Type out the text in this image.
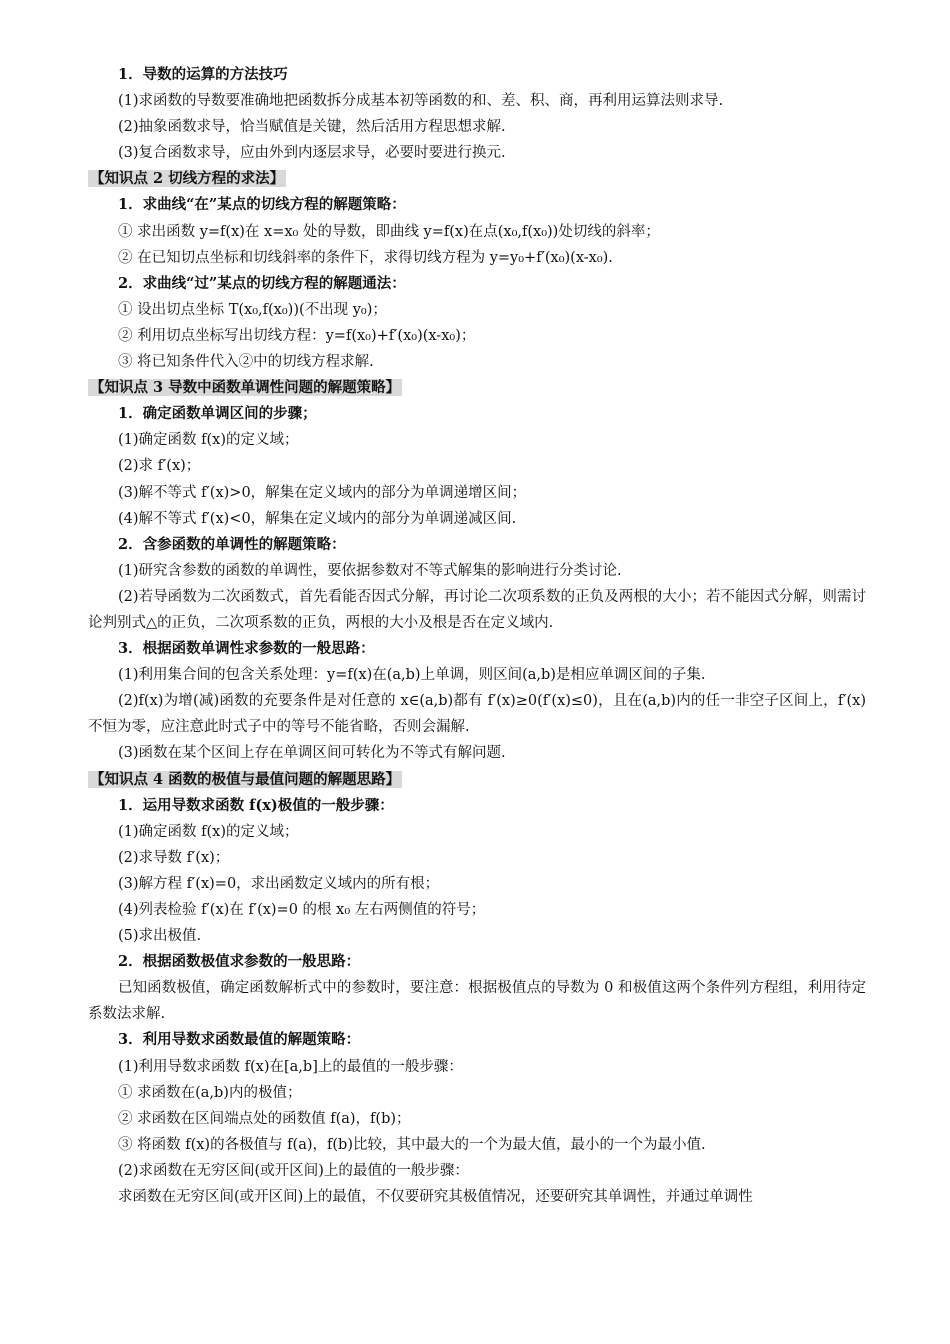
1．导数的运算的方法技巧
(1)求函数的导数要准确地把函数拆分成基本初等函数的和、差、积、商，再利用运算法则求导.
(2)抽象函数求导，恰当赋值是关键，然后活用方程思想求解.
(3)复合函数求导，应由外到内逐层求导，必要时要进行换元.
【知识点 2 切线方程的求法】
1．求曲线“在”某点的切线方程的解题策略：
① 求出函数 y=f(x)在 x=x₀ 处的导数，即曲线 y=f(x)在点(x₀,f(x₀))处切线的斜率；
② 在已知切点坐标和切线斜率的条件下，求得切线方程为 y=y₀+f′(x₀)(x-x₀).
2．求曲线“过”某点的切线方程的解题通法：
① 设出切点坐标 T(x₀,f(x₀))(不出现 y₀)；
② 利用切点坐标写出切线方程：y=f(x₀)+f′(x₀)(x-x₀)；
③ 将已知条件代入②中的切线方程求解.
【知识点 3 导数中函数单调性问题的解题策略】
1．确定函数单调区间的步骤；
(1)确定函数 f(x)的定义域；
(2)求 f′(x)；
(3)解不等式 f′(x)>0，解集在定义域内的部分为单调递增区间；
(4)解不等式 f′(x)<0，解集在定义域内的部分为单调递减区间.
2．含参函数的单调性的解题策略：
(1)研究含参数的函数的单调性，要依据参数对不等式解集的影响进行分类讨论.
(2)若导函数为二次函数式，首先看能否因式分解，再讨论二次项系数的正负及两根的大小；若不能因式分解，则需讨论判别式△的正负，二次项系数的正负，两根的大小及根是否在定义域内.
3．根据函数单调性求参数的一般思路：
(1)利用集合间的包含关系处理：y=f(x)在(a,b)上单调，则区间(a,b)是相应单调区间的子集.
(2)f(x)为增(减)函数的充要条件是对任意的 x∈(a,b)都有 f′(x)≥0(f′(x)≤0)，且在(a,b)内的任一非空子区间上，f′(x)不恒为零，应注意此时式子中的等号不能省略，否则会漏解.
(3)函数在某个区间上存在单调区间可转化为不等式有解问题.
【知识点 4 函数的极值与最值问题的解题思路】
1．运用导数求函数 f(x)极值的一般步骤：
(1)确定函数 f(x)的定义域；
(2)求导数 f′(x)；
(3)解方程 f′(x)=0，求出函数定义域内的所有根；
(4)列表检验 f′(x)在 f′(x)=0 的根 x₀ 左右两侧值的符号；
(5)求出极值.
2．根据函数极值求参数的一般思路：
已知函数极值，确定函数解析式中的参数时，要注意：根据极值点的导数为 0 和极值这两个条件列方程组，利用待定系数法求解.
3．利用导数求函数最值的解题策略：
(1)利用导数求函数 f(x)在[a,b]上的最值的一般步骤：
① 求函数在(a,b)内的极值；
② 求函数在区间端点处的函数值 f(a)，f(b)；
③ 将函数 f(x)的各极值与 f(a)，f(b)比较，其中最大的一个为最大值，最小的一个为最小值.
(2)求函数在无穷区间(或开区间)上的最值的一般步骤：
求函数在无穷区间(或开区间)上的最值，不仅要研究其极值情况，还要研究其单调性，并通过单调性
